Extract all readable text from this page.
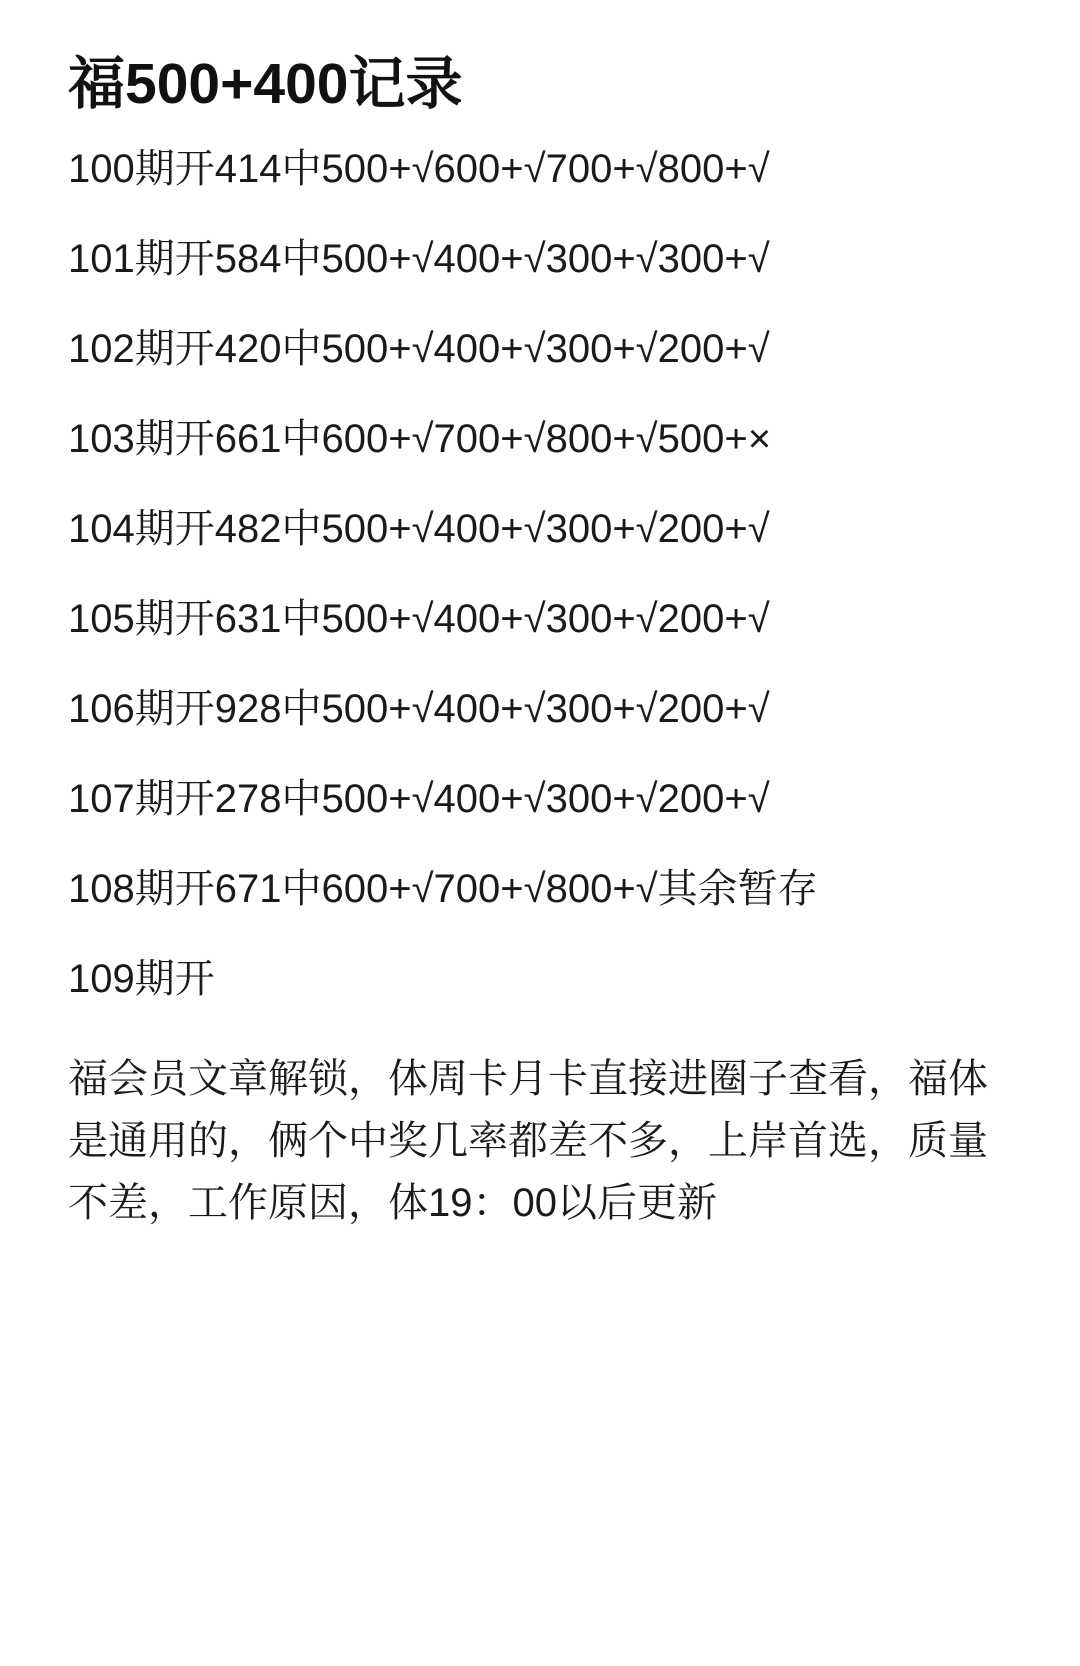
福500+400记录
100期开414中500+√600+√700+√800+√
101期开584中500+√400+√300+√300+√
102期开420中500+√400+√300+√200+√
103期开661中600+√700+√800+√500+×
104期开482中500+√400+√300+√200+√
105期开631中500+√400+√300+√200+√
106期开928中500+√400+√300+√200+√
107期开278中500+√400+√300+√200+√
108期开671中600+√700+√800+√其余暂存
109期开

福会员文章解锁，体周卡月卡直接进圈子查看，福体是通用的，俩个中奖几率都差不多，上岸首选，质量不差，工作原因，体19：00以后更新
